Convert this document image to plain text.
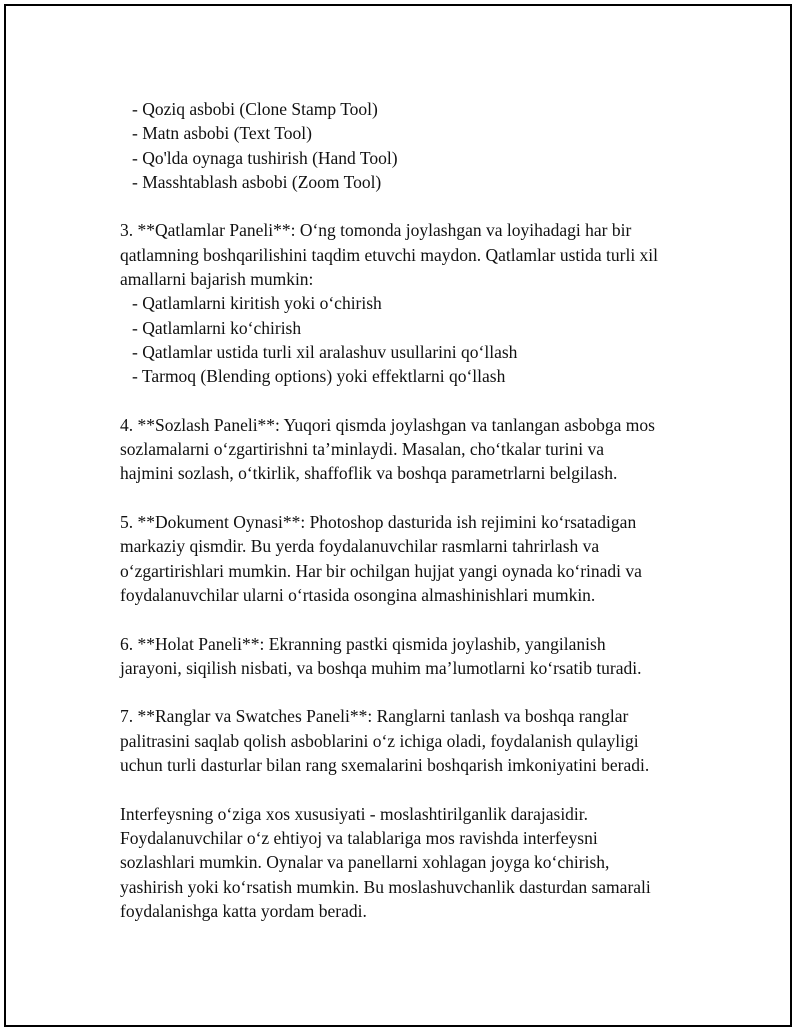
- Qoziq asbobi (Clone Stamp Tool)
- Matn asbobi (Text Tool)
- Qo'lda oynaga tushirish (Hand Tool)
- Masshtablash asbobi (Zoom Tool)
3. **Qatlamlar Paneli**: O‘ng tomonda joylashgan va loyihadagi har bir
qatlamning boshqarilishini taqdim etuvchi maydon. Qatlamlar ustida turli xil
amallarni bajarish mumkin:
- Qatlamlarni kiritish yoki o‘chirish
- Qatlamlarni ko‘chirish
- Qatlamlar ustida turli xil aralashuv usullarini qo‘llash
- Tarmoq (Blending options) yoki effektlarni qo‘llash
4. **Sozlash Paneli**: Yuqori qismda joylashgan va tanlangan asbobga mos
sozlamalarni o‘zgartirishni ta’minlaydi. Masalan, cho‘tkalar turini va
hajmini sozlash, o‘tkirlik, shaffoflik va boshqa parametrlarni belgilash.
5. **Dokument Oynasi**: Photoshop dasturida ish rejimini ko‘rsatadigan
markaziy qismdir. Bu yerda foydalanuvchilar rasmlarni tahrirlash va
o‘zgartirishlari mumkin. Har bir ochilgan hujjat yangi oynada ko‘rinadi va
foydalanuvchilar ularni o‘rtasida osongina almashinishlari mumkin.
6. **Holat Paneli**: Ekranning pastki qismida joylashib, yangilanish
jarayoni, siqilish nisbati, va boshqa muhim ma’lumotlarni ko‘rsatib turadi.
7. **Ranglar va Swatches Paneli**: Ranglarni tanlash va boshqa ranglar
palitrasini saqlab qolish asboblarini o‘z ichiga oladi, foydalanish qulayligi
uchun turli dasturlar bilan rang sxemalarini boshqarish imkoniyatini beradi.
Interfeysning o‘ziga xos xususiyati - moslashtirilganlik darajasidir.
Foydalanuvchilar o‘z ehtiyoj va talablariga mos ravishda interfeysni
sozlashlari mumkin. Oynalar va panellarni xohlagan joyga ko‘chirish,
yashirish yoki ko‘rsatish mumkin. Bu moslashuvchanlik dasturdan samarali
foydalanishga katta yordam beradi.
